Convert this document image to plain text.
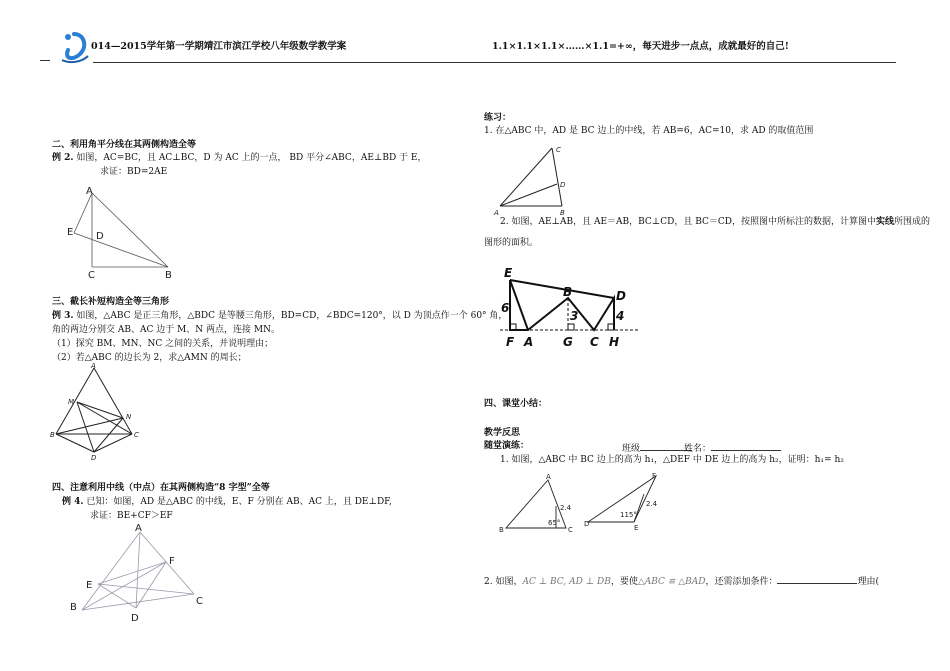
014—2015学年第一学期靖江市滨江学校八年级数学教学案	1.1×1.1×1.1×……×1.1=+∞，每天进步一点点，成就最好的自己!
二、利用角平分线在其两侧构造全等
例 2. 如图，AC=BC，且 AC⊥BC，D 为 AC 上的一点， BD 平分∠ABC，AE⊥BD 于 E，
求证：BD=2AE
A
E D
C	B
三、截长补短构造全等三角形
例 3. 如图，△ABC 是正三角形，△BDC 是等腰三角形，BD=CD，∠BDC=120°，以 D 为顶点作一个 60° 角，
角的两边分别交 AB、AC 边于 M、N 两点，连接 MN。
（1）探究 BM、MN、NC 之间的关系，并说明理由；
（2）若△ABC 的边长为 2，求△AMN 的周长；
A
M
N
B	C
D
四、注意利用中线（中点）在其两侧构造“8 字型”全等
例 4. 已知：如图，AD 是△ABC 的中线，E、F 分别在 AB、AC 上，且 DE⊥DF,
求证：BE+CF＞EF
A
F
E
B
C
D
练习：
1. 在△ABC 中，AD 是 BC 边上的中线，若 AB=6，AC=10，求 AD 的取值范围
C
D
A	B
2. 如图，AE⊥AB，且 AE＝AB，BC⊥CD，且 BC＝CD，按照图中所标注的数据，计算图中实线所围成的
图形的面积。
E
B	D
6
3	4
F A G C H
四、课堂小结：
教学反思
随堂演练：	班级	姓名：
1. 如图，△ABC 中 BC 边上的高为 h₁，△DEF 中 DE 边上的高为 h₂，证明：h₁= h₂
A
B	C
2.4
65°
F
D	E
2.4
115°
2. 如图，AC ⊥ BC, AD ⊥ DB，要使△ABC ≌ △BAD，还需添加条件：	理由(
